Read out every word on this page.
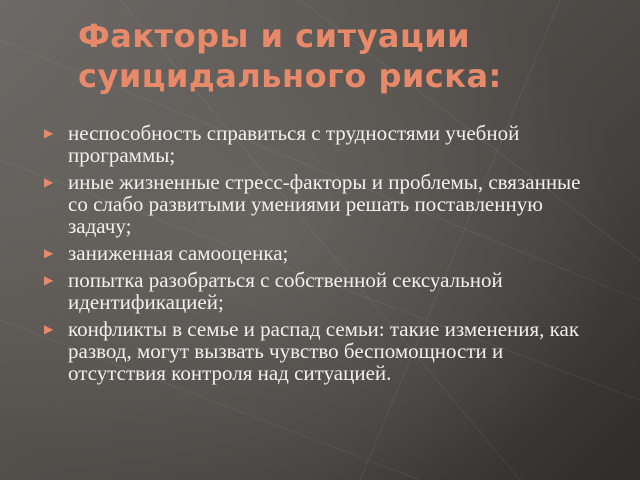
Факторы и ситуации
суицидального риска:
▶ неспособность справиться с трудностями учебной программы;
▶ иные жизненные стресс-факторы и проблемы, связанные со слабо развитыми умениями решать поставленную задачу;
▶ заниженная самооценка;
▶ попытка разобраться с собственной сексуальной идентификацией;
▶ конфликты в семье и распад семьи: такие изменения, как развод, могут вызвать чувство беспомощности и отсутствия контроля над ситуацией.
